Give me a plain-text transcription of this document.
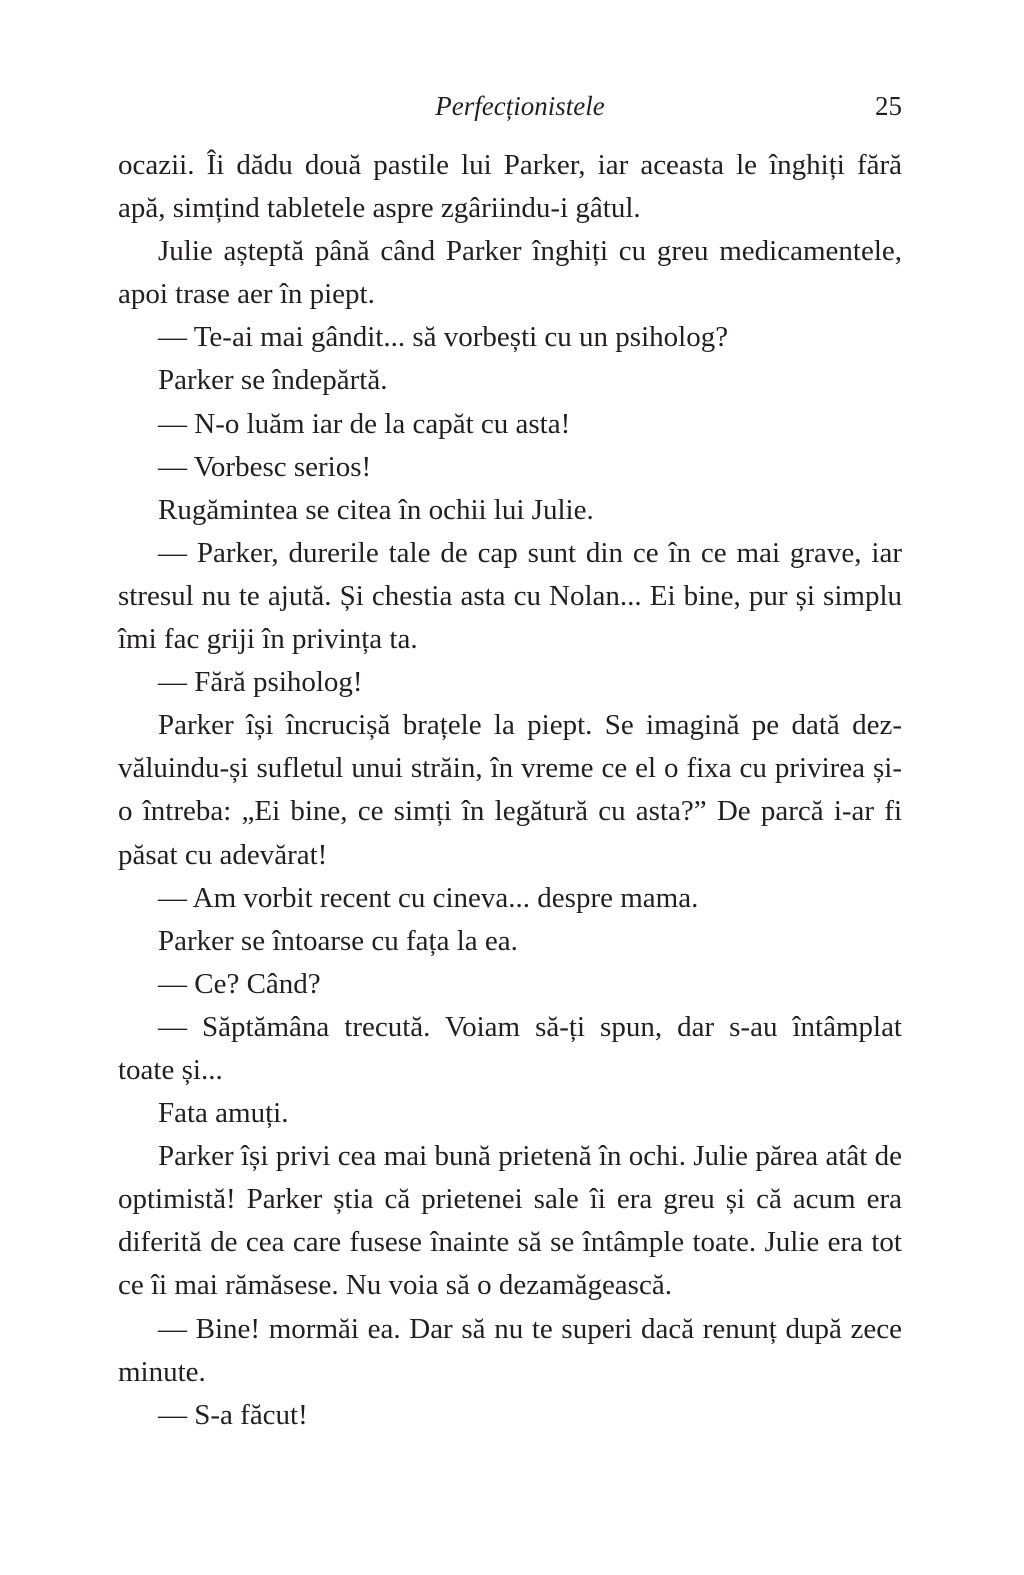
Perfecționistele	25

ocazii. Îi dădu două pastile lui Parker, iar aceasta le înghiți fără apă, simțind tabletele aspre zgâriindu-i gâtul.

Julie așteptă până când Parker înghiți cu greu medicamentele, apoi trase aer în piept.

— Te-ai mai gândit... să vorbești cu un psiholog?

Parker se îndepărtă.

— N-o luăm iar de la capăt cu asta!

— Vorbesc serios!

Rugămintea se citea în ochii lui Julie.

— Parker, durerile tale de cap sunt din ce în ce mai grave, iar stresul nu te ajută. Și chestia asta cu Nolan... Ei bine, pur și simplu îmi fac griji în privința ta.

— Fără psiholog!

Parker își încrucișă brațele la piept. Se imagină pe dată dezvăluindu-și sufletul unui străin, în vreme ce el o fixa cu privirea și-o întreba: „Ei bine, ce simți în legătură cu asta?” De parcă i-ar fi păsat cu adevărat!

— Am vorbit recent cu cineva... despre mama.

Parker se întoarse cu fața la ea.

— Ce? Când?

— Săptămâna trecută. Voiam să-ți spun, dar s-au întâmplat toate și...

Fata amuți.

Parker își privi cea mai bună prietenă în ochi. Julie părea atât de optimistă! Parker știa că prietenei sale îi era greu și că acum era diferită de cea care fusese înainte să se întâmple toate. Julie era tot ce îi mai rămăsese. Nu voia să o dezamăgească.

— Bine! mormăi ea. Dar să nu te superi dacă renunț după zece minute.

— S-a făcut!
